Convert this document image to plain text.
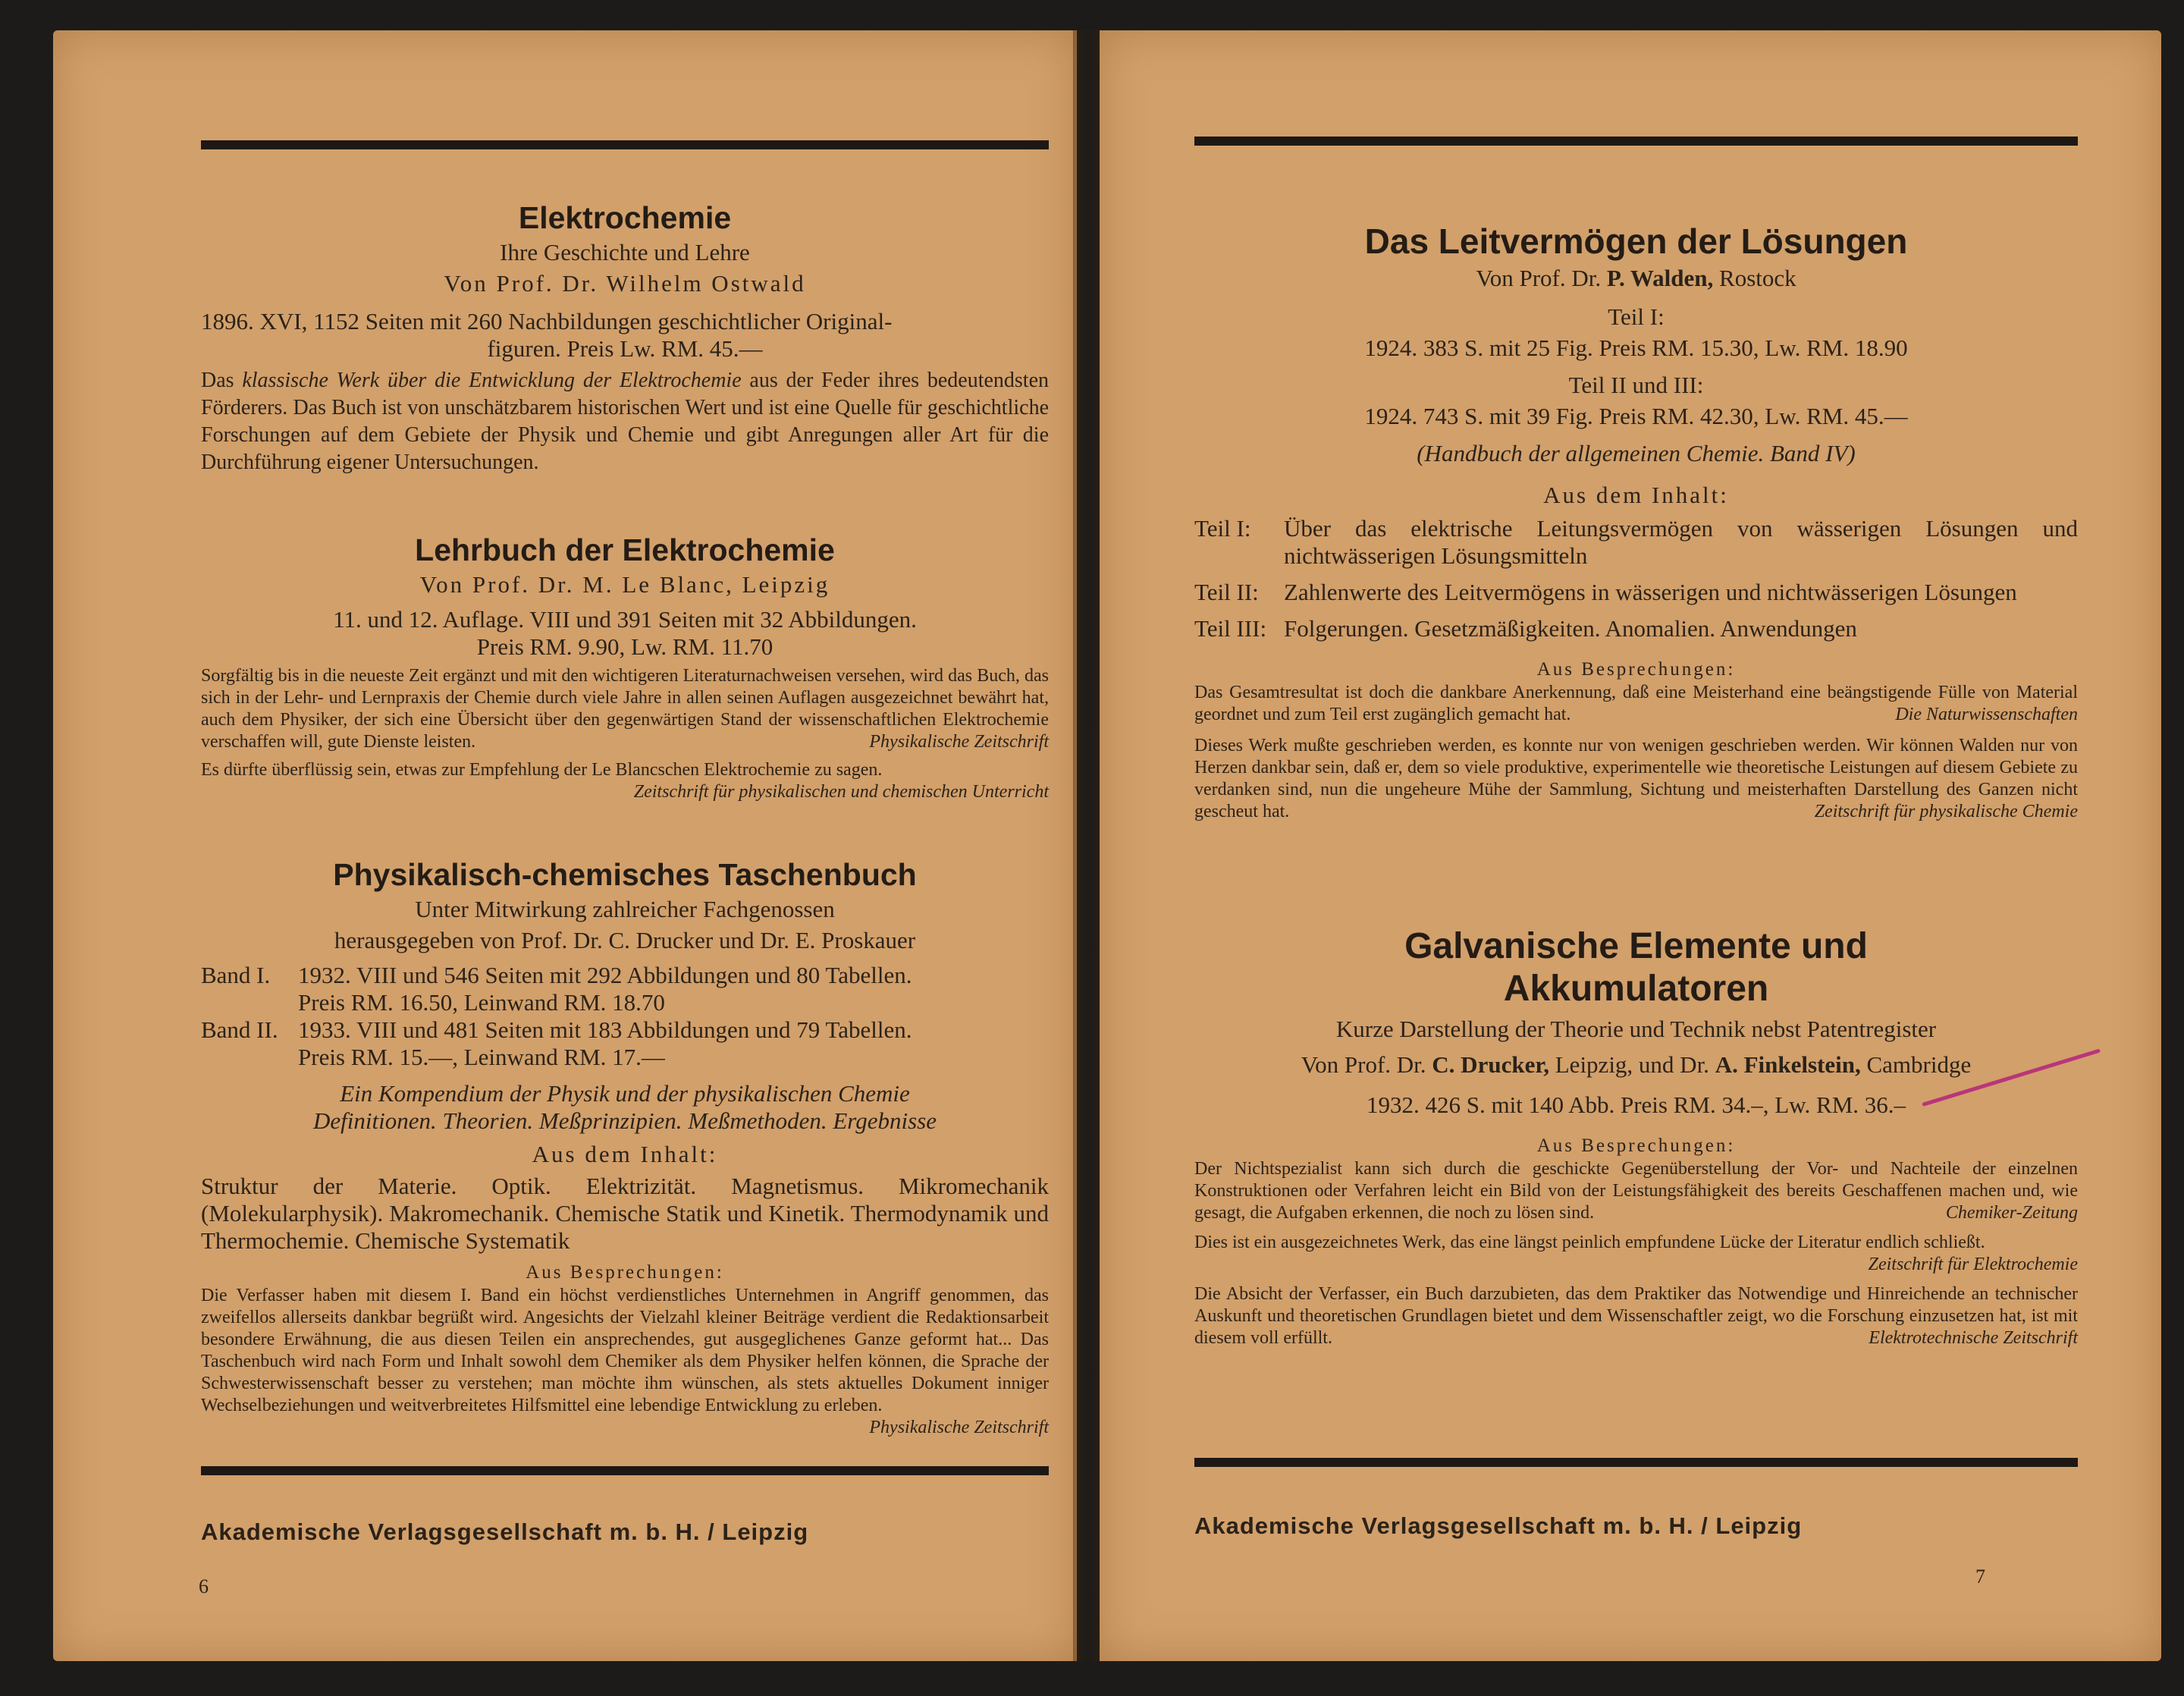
Elektrochemie

Ihre Geschichte und Lehre

Von Prof. Dr. Wilhelm Ostwald

1896. XVI, 1152 Seiten mit 260 Nachbildungen geschichtlicher Original-

figuren. Preis Lw. RM. 45.—

Das klassische Werk über die Entwicklung der Elektrochemie aus der Feder ihres bedeutendsten Förderers. Das Buch ist von unschätzbarem historischen Wert und ist eine Quelle für geschichtliche Forschungen auf dem Gebiete der Physik und Chemie und gibt Anregungen aller Art für die Durchführung eigener Untersuchungen.

Lehrbuch der Elektrochemie

Von Prof. Dr. M. Le Blanc, Leipzig

11. und 12. Auflage. VIII und 391 Seiten mit 32 Abbildungen.

Preis RM. 9.90, Lw. RM. 11.70

Sorgfältig bis in die neueste Zeit ergänzt und mit den wichtigeren Literaturnachweisen versehen, wird das Buch, das sich in der Lehr- und Lernpraxis der Chemie durch viele Jahre in allen seinen Auflagen ausgezeichnet bewährt hat, auch dem Physiker, der sich eine Übersicht über den gegenwärtigen Stand der wissenschaftlichen Elektrochemie verschaffen will, gute Dienste leisten.	Physikalische Zeitschrift
Es dürfte überflüssig sein, etwas zur Empfehlung der Le Blancschen Elektrochemie zu sagen.
Zeitschrift für physikalischen und chemischen Unterricht
Physikalisch-chemisches Taschenbuch

Unter Mitwirkung zahlreicher Fachgenossen

herausgegeben von Prof. Dr. C. Drucker und Dr. E. Proskauer

Band I.	1932. VIII und 546 Seiten mit 292 Abbildungen und 80 Tabellen.
Preis RM. 16.50, Leinwand RM. 18.70
Band II. 1933. VIII und 481 Seiten mit 183 Abbildungen und 79 Tabellen.
Preis RM. 15.—, Leinwand RM. 17.—

Ein Kompendium der Physik und der physikalischen Chemie

Definitionen. Theorien. Meßprinzipien. Meßmethoden. Ergebnisse

Aus dem Inhalt:

Struktur der Materie. Optik. Elektrizität. Magnetismus. Mikromechanik (Molekularphysik). Makromechanik. Chemische Statik und Kinetik. Thermodynamik und Thermochemie. Chemische Systematik

Aus Besprechungen:

Die Verfasser haben mit diesem I. Band ein höchst verdienstliches Unternehmen in Angriff genommen, das zweifellos allerseits dankbar begrüßt wird. Angesichts der Vielzahl kleiner Beiträge verdient die Redaktionsarbeit besondere Erwähnung, die aus diesen Teilen ein ansprechendes, gut ausgeglichenes Ganze geformt hat... Das Taschenbuch wird nach Form und Inhalt sowohl dem Chemiker als dem Physiker helfen können, die Sprache der Schwesterwissenschaft besser zu verstehen; man möchte ihm wünschen, als stets aktuelles Dokument inniger Wechselbeziehungen und weitverbreitetes Hilfsmittel eine lebendige Entwicklung zu erleben.
Physikalische Zeitschrift
Akademische Verlagsgesellschaft m. b. H. / Leipzig
6
Das Leitvermögen der Lösungen

Von Prof. Dr. P. Walden, Rostock

Teil I:

1924. 383 S. mit 25 Fig. Preis RM. 15.30, Lw. RM. 18.90

Teil II und III:

1924. 743 S. mit 39 Fig. Preis RM. 42.30, Lw. RM. 45.—

(Handbuch der allgemeinen Chemie. Band IV)

Aus dem Inhalt:

Teil I:	Über das elektrische Leitungsvermögen von wässerigen Lösungen und nichtwässerigen Lösungsmitteln
Teil II:	Zahlenwerte des Leitvermögens in wässerigen und nichtwässerigen Lösungen
Teil III: Folgerungen. Gesetzmäßigkeiten. Anomalien. Anwendungen

Aus Besprechungen:

Das Gesamtresultat ist doch die dankbare Anerkennung, daß eine Meisterhand eine beängstigende Fülle von Material geordnet und zum Teil erst zugänglich gemacht hat.	Die Naturwissenschaften
Dieses Werk mußte geschrieben werden, es konnte nur von wenigen geschrieben werden. Wir können Walden nur von Herzen dankbar sein, daß er, dem so viele produktive, experimentelle wie theoretische Leistungen auf diesem Gebiete zu verdanken sind, nun die ungeheure Mühe der Sammlung, Sichtung und meisterhaften Darstellung des Ganzen nicht gescheut hat.	Zeitschrift für physikalische Chemie
Galvanische Elemente und
Akkumulatoren

Kurze Darstellung der Theorie und Technik nebst Patentregister

Von Prof. Dr. C. Drucker, Leipzig, und Dr. A. Finkelstein, Cambridge

1932. 426 S. mit 140 Abb. Preis RM. 34.–, Lw. RM. 36.–

Aus Besprechungen:

Der Nichtspezialist kann sich durch die geschickte Gegenüberstellung der Vor- und Nachteile der einzelnen Konstruktionen oder Verfahren leicht ein Bild von der Leistungsfähigkeit des bereits Geschaffenen machen und, wie gesagt, die Aufgaben erkennen, die noch zu lösen sind.	Chemiker-Zeitung
Dies ist ein ausgezeichnetes Werk, das eine längst peinlich empfundene Lücke der Literatur endlich schließt.
Zeitschrift für Elektrochemie
Die Absicht der Verfasser, ein Buch darzubieten, das dem Praktiker das Notwendige und Hinreichende an technischer Auskunft und theoretischen Grundlagen bietet und dem Wissenschaftler zeigt, wo die Forschung einzusetzen hat, ist mit diesem voll erfüllt.	Elektrotechnische Zeitschrift
Akademische Verlagsgesellschaft m. b. H. / Leipzig
7
